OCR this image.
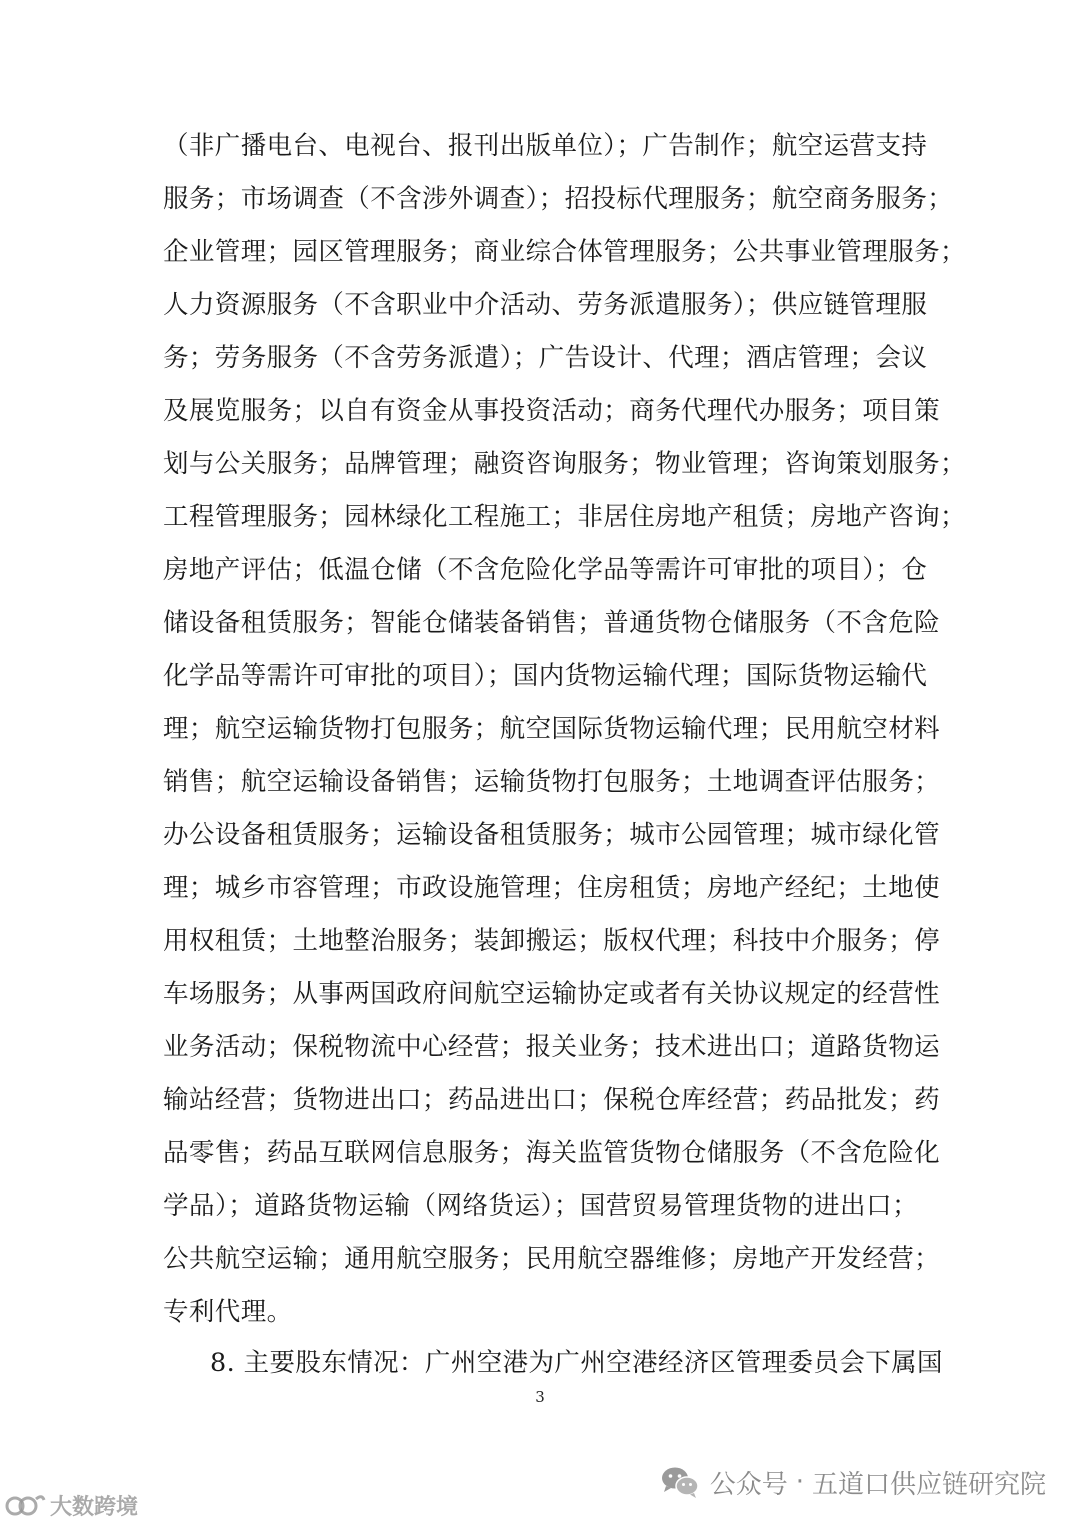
（非广播电台、电视台、报刊出版单位）；广告制作；航空运营支持
服务；市场调查（不含涉外调查）；招投标代理服务；航空商务服务；
企业管理；园区管理服务；商业综合体管理服务；公共事业管理服务；
人力资源服务（不含职业中介活动、劳务派遣服务）；供应链管理服
务；劳务服务（不含劳务派遣）；广告设计、代理；酒店管理；会议
及展览服务；以自有资金从事投资活动；商务代理代办服务；项目策
划与公关服务；品牌管理；融资咨询服务；物业管理；咨询策划服务；
工程管理服务；园林绿化工程施工；非居住房地产租赁；房地产咨询；
房地产评估；低温仓储（不含危险化学品等需许可审批的项目）；仓
储设备租赁服务；智能仓储装备销售；普通货物仓储服务（不含危险
化学品等需许可审批的项目）；国内货物运输代理；国际货物运输代
理；航空运输货物打包服务；航空国际货物运输代理；民用航空材料
销售；航空运输设备销售；运输货物打包服务；土地调查评估服务；
办公设备租赁服务；运输设备租赁服务；城市公园管理；城市绿化管
理；城乡市容管理；市政设施管理；住房租赁；房地产经纪；土地使
用权租赁；土地整治服务；装卸搬运；版权代理；科技中介服务；停
车场服务；从事两国政府间航空运输协定或者有关协议规定的经营性
业务活动；保税物流中心经营；报关业务；技术进出口；道路货物运
输站经营；货物进出口；药品进出口；保税仓库经营；药品批发；药
品零售；药品互联网信息服务；海关监管货物仓储服务（不含危险化
学品）；道路货物运输（网络货运）；国营贸易管理货物的进出口；
公共航空运输；通用航空服务；民用航空器维修；房地产开发经营；
专利代理。
8. 主要股东情况：广州空港为广州空港经济区管理委员会下属国
3
公众号 · 五道口供应链研究院
大数跨境
